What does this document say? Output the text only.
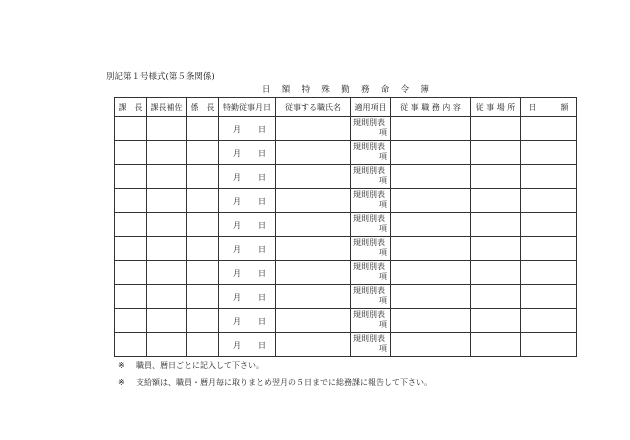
別記第１号様式(第５条関係)
日額特殊勤務命令簿
課　長	課長補佐	係　長	特勤従事月日	従事する職氏名	適用項目	従 事 職 務 内 容	従 事 場 所	日　　　額

			月 日		規則別表
項			

			月 日		規則別表
項			

			月 日		規則別表
項			

			月 日		規則別表
項			

			月 日		規則別表
項			

			月 日		規則別表
項			

			月 日		規則別表
項			

			月 日		規則別表
項			

			月 日		規則別表
項			

			月 日		規則別表
項			

※ 職員、暦日ごとに記入して下さい。
※ 支給額は、職員・暦月毎に取りまとめ翌月の５日までに総務課に報告して下さい。
